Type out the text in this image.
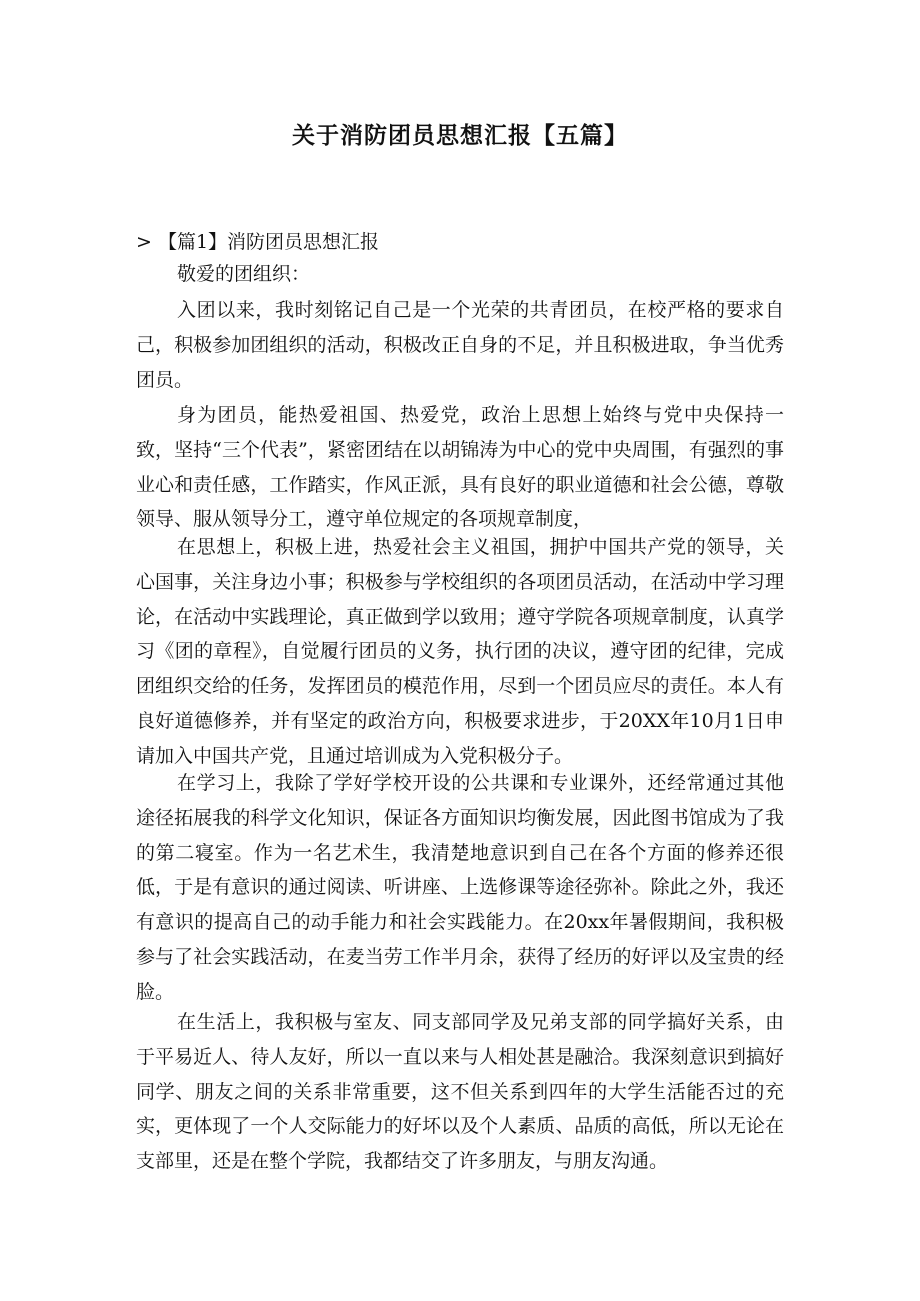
关于消防团员思想汇报【五篇】
> 【篇1】消防团员思想汇报
敬爱的团组织：

入团以来，我时刻铭记自己是一个光荣的共青团员，在校严格的要求自己，积极参加团组织的活动，积极改正自身的不足，并且积极进取，争当优秀团员。

身为团员，能热爱祖国、热爱党，政治上思想上始终与党中央保持一致，坚持“三个代表”，紧密团结在以胡锦涛为中心的党中央周围，有强烈的事业心和责任感，工作踏实，作风正派，具有良好的职业道德和社会公德，尊敬领导、服从领导分工，遵守单位规定的各项规章制度，

在思想上，积极上进，热爱社会主义祖国，拥护中国共产党的领导，关心国事，关注身边小事；积极参与学校组织的各项团员活动，在活动中学习理论，在活动中实践理论，真正做到学以致用；遵守学院各项规章制度，认真学习《团的章程》，自觉履行团员的义务，执行团的决议，遵守团的纪律，完成团组织交给的任务，发挥团员的模范作用，尽到一个团员应尽的责任。本人有良好道德修养，并有坚定的政治方向，积极要求进步，于20XX年10月1日申请加入中国共产党，且通过培训成为入党积极分子。

在学习上，我除了学好学校开设的公共课和专业课外，还经常通过其他途径拓展我的科学文化知识，保证各方面知识均衡发展，因此图书馆成为了我的第二寝室。作为一名艺术生，我清楚地意识到自己在各个方面的修养还很低，于是有意识的通过阅读、听讲座、上选修课等途径弥补。除此之外，我还有意识的提高自己的动手能力和社会实践能力。在20xx年暑假期间，我积极参与了社会实践活动，在麦当劳工作半月余，获得了经历的好评以及宝贵的经脸。

在生活上，我积极与室友、同支部同学及兄弟支部的同学搞好关系，由于平易近人、待人友好，所以一直以来与人相处甚是融洽。我深刻意识到搞好同学、朋友之间的关系非常重要，这不但关系到四年的大学生活能否过的充实，更体现了一个人交际能力的好坏以及个人素质、品质的高低，所以无论在支部里，还是在整个学院，我都结交了许多朋友，与朋友沟通。
